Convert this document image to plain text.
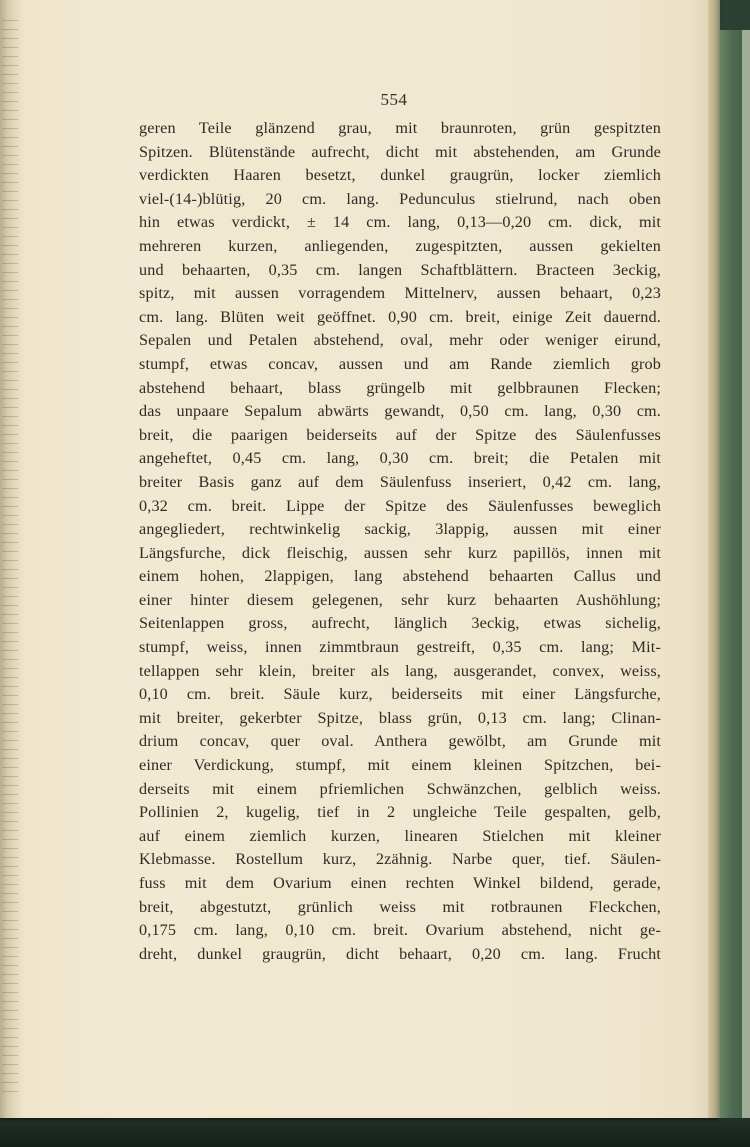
554
geren Teile glänzend grau, mit braunroten, grün gespitzten
Spitzen. Blütenstände aufrecht, dicht mit abstehenden, am Grunde
verdickten Haaren besetzt, dunkel graugrün, locker ziemlich
viel-(14-)blütig, 20 cm. lang. Pedunculus stielrund, nach oben
hin etwas verdickt, ± 14 cm. lang, 0,13—0,20 cm. dick, mit
mehreren kurzen, anliegenden, zugespitzten, aussen gekielten
und behaarten, 0,35 cm. langen Schaftblättern. Bracteen 3eckig,
spitz, mit aussen vorragendem Mittelnerv, aussen behaart, 0,23
cm. lang. Blüten weit geöffnet. 0,90 cm. breit, einige Zeit dauernd.
Sepalen und Petalen abstehend, oval, mehr oder weniger eirund,
stumpf, etwas concav, aussen und am Rande ziemlich grob
abstehend behaart, blass grüngelb mit gelbbraunen Flecken;
das unpaare Sepalum abwärts gewandt, 0,50 cm. lang, 0,30 cm.
breit, die paarigen beiderseits auf der Spitze des Säulenfusses
angeheftet, 0,45 cm. lang, 0,30 cm. breit; die Petalen mit
breiter Basis ganz auf dem Säulenfuss inseriert, 0,42 cm. lang,
0,32 cm. breit. Lippe der Spitze des Säulenfusses beweglich
angegliedert, rechtwinkelig sackig, 3lappig, aussen mit einer
Längsfurche, dick fleischig, aussen sehr kurz papillös, innen mit
einem hohen, 2lappigen, lang abstehend behaarten Callus und
einer hinter diesem gelegenen, sehr kurz behaarten Aushöhlung;
Seitenlappen gross, aufrecht, länglich 3eckig, etwas sichelig,
stumpf, weiss, innen zimmtbraun gestreift, 0,35 cm. lang; Mit-
tellappen sehr klein, breiter als lang, ausgerandet, convex, weiss,
0,10 cm. breit. Säule kurz, beiderseits mit einer Längsfurche,
mit breiter, gekerbter Spitze, blass grün, 0,13 cm. lang; Clinan-
drium concav, quer oval. Anthera gewölbt, am Grunde mit
einer Verdickung, stumpf, mit einem kleinen Spitzchen, bei-
derseits mit einem pfriemlichen Schwänzchen, gelblich weiss.
Pollinien 2, kugelig, tief in 2 ungleiche Teile gespalten, gelb,
auf einem ziemlich kurzen, linearen Stielchen mit kleiner
Klebmasse. Rostellum kurz, 2zähnig. Narbe quer, tief. Säulen-
fuss mit dem Ovarium einen rechten Winkel bildend, gerade,
breit, abgestutzt, grünlich weiss mit rotbraunen Fleckchen,
0,175 cm. lang, 0,10 cm. breit. Ovarium abstehend, nicht ge-
dreht, dunkel graugrün, dicht behaart, 0,20 cm. lang. Frucht
